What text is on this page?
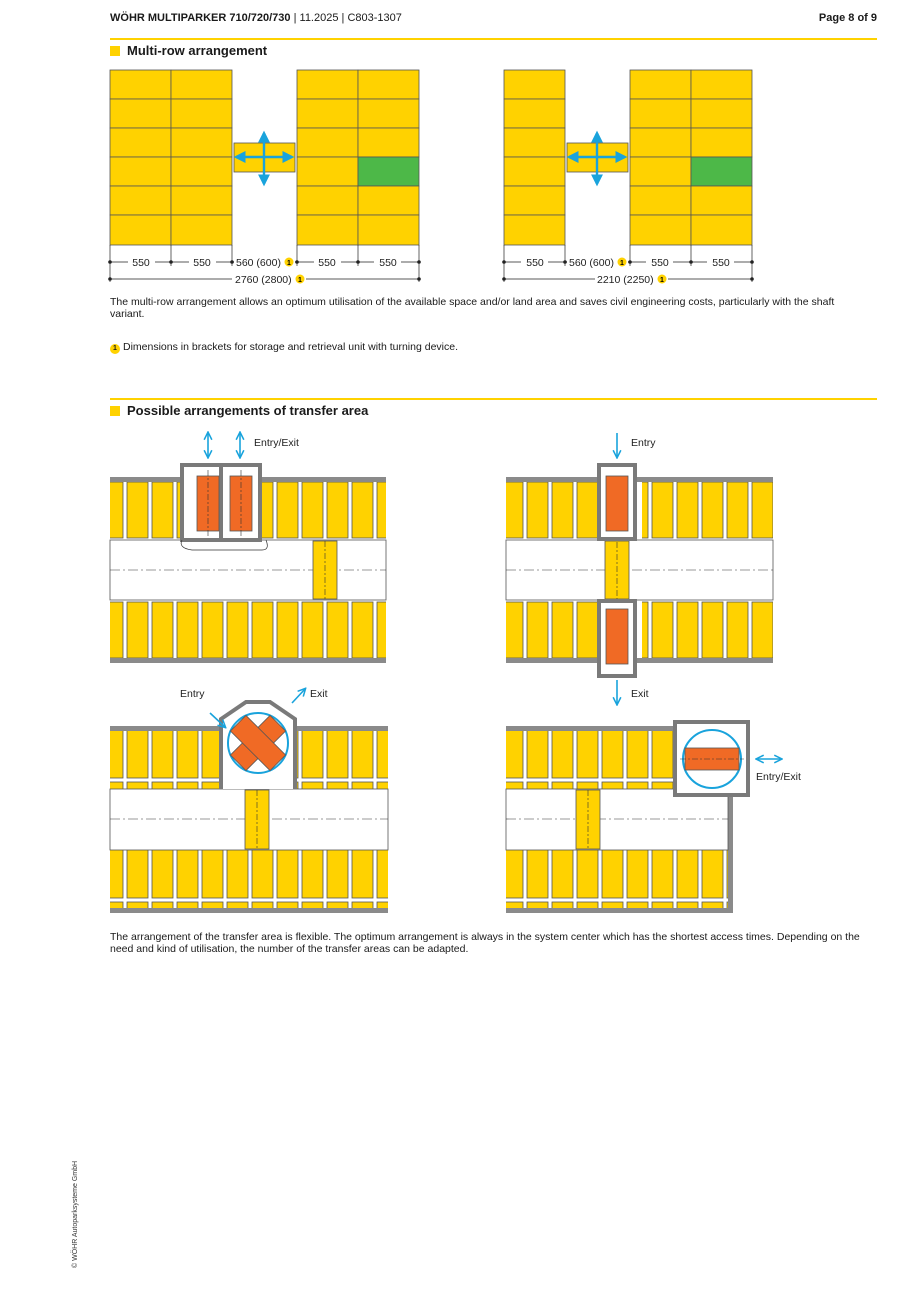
WÖHR MULTIPARKER 710/720/730 | 11.2025 | C803-1307	Page 8 of 9
Multi-row arrangement
550	550 560 (600)	550	550
2760 (2800)
1
1
550 560 (600)	550	550
2210 (2250)
1
1
Entry/Exit	Entry
Exit
Entry	Exit
Entry/Exit
The multi-row arrangement allows an optimum utilisation of the available space and/or land area and saves civil engineering costs, particularly with the shaft variant.
1 Dimensions in brackets for storage and retrieval unit with turning device.
Possible arrangements of transfer area
The arrangement of the transfer area is flexible. The optimum arrangement is always in the system center which has the shortest access times. Depending on the need and kind of utilisation, the number of the transfer areas can be adapted.
© WÖHR Autoparksysteme GmbH
